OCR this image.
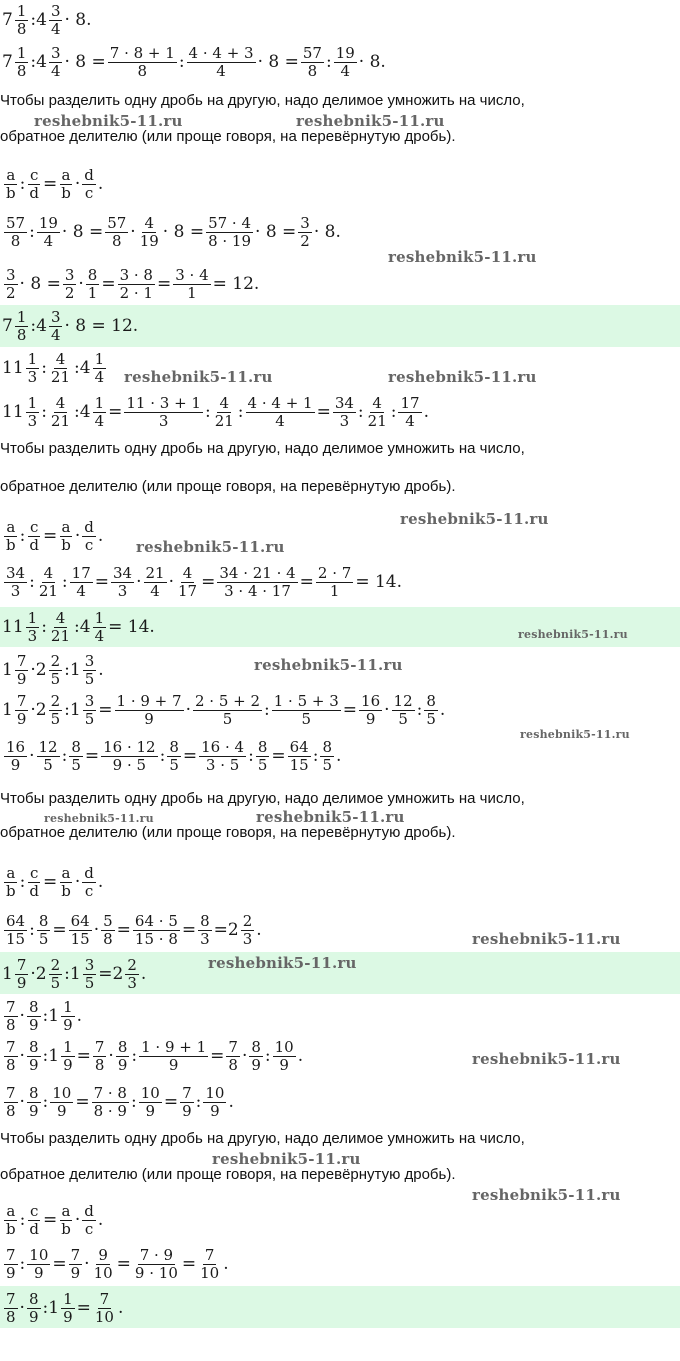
$7 \frac{1}{8}$ : $4 \frac{3}{4} \cdot 8$.
$7 \frac{1}{8}$ : $4 \frac{3}{4} \cdot 8 = \frac{7 \cdot 8 + 1}{8}$ : $\frac{4 \cdot 4 + 3}{4} \cdot 8 = \frac{57}{8}$ : $\frac{19}{4} \cdot 8$.
Чтобы разделить одну дробь на другую, надо делимое умножить на число,
обратное делителю (или проще говоря, на перевёрнутую дробь).
$\frac{a}{b}$ : $\frac{c}{d} = \frac{a}{b} \cdot \frac{d}{c}$ .
$\frac{57}{8}$ : $\frac{19}{4} \cdot 8 = \frac{57}{8} \cdot \frac{4}{19} \cdot 8 = \frac{57 \cdot 4}{8 \cdot 19} \cdot 8 = \frac{3}{2} \cdot 8$.
$\frac{3}{2} \cdot 8 = \frac{3}{2} \cdot \frac{8}{1} = \frac{3 \cdot 8}{2 \cdot 1} = \frac{3 \cdot 4}{1} = 12$.
$7 \frac{1}{8}$ : $4 \frac{3}{4} \cdot 8 = 12$.
$11 \frac{1}{3}$ : $\frac{4}{21}$ : $4 \frac{1}{4}$
$11 \frac{1}{3}$ : $\frac{4}{21}$ : $4 \frac{1}{4} = \frac{11 \cdot 3 + 1}{3}$ : $\frac{4}{21}$ : $\frac{4 \cdot 4 + 1}{4} = \frac{34}{3}$ : $\frac{4}{21}$ : $\frac{17}{4}$ .
Чтобы разделить одну дробь на другую, надо делимое умножить на число,
обратное делителю (или проще говоря, на перевёрнутую дробь).
$\frac{a}{b}$ : $\frac{c}{d} = \frac{a}{b} \cdot \frac{d}{c}$ .
$\frac{34}{3}$ : $\frac{4}{21}$ : $\frac{17}{4} = \frac{34}{3} \cdot \frac{21}{4} \cdot \frac{4}{17} = \frac{34 \cdot 21 \cdot 4}{3 \cdot 4 \cdot 17} = \frac{2 \cdot 7}{1} = 14$.
$11 \frac{1}{3}$ : $\frac{4}{21}$ : $4 \frac{1}{4} = 14$.
$1 \frac{7}{9} \cdot 2 \frac{2}{5}$ : $1 \frac{3}{5}$ .
$1 \frac{7}{9} \cdot 2 \frac{2}{5}$ : $1 \frac{3}{5} = \frac{1 \cdot 9 + 7}{9} \cdot \frac{2 \cdot 5 + 2}{5}$ : $\frac{1 \cdot 5 + 3}{5} = \frac{16}{9} \cdot \frac{12}{5}$ : $\frac{8}{5}$ .
$\frac{16}{9} \cdot \frac{12}{5}$ : $\frac{8}{5} = \frac{16 \cdot 12}{9 \cdot 5}$ : $\frac{8}{5} = \frac{16 \cdot 4}{3 \cdot 5}$ : $\frac{8}{5} = \frac{64}{15}$ : $\frac{8}{5}$ .
Чтобы разделить одну дробь на другую, надо делимое умножить на число,
обратное делителю (или проще говоря, на перевёрнутую дробь).
$\frac{a}{b}$ : $\frac{c}{d} = \frac{a}{b} \cdot \frac{d}{c}$ .
$\frac{64}{15}$ : $\frac{8}{5} = \frac{64}{15} \cdot \frac{5}{8} = \frac{64 \cdot 5}{15 \cdot 8} = \frac{8}{3} = 2 \frac{2}{3}$ .
$1 \frac{7}{9} \cdot 2 \frac{2}{5}$ : $1 \frac{3}{5} = 2 \frac{2}{3}$ .
$\frac{7}{8} \cdot \frac{8}{9}$ : $1 \frac{1}{9}$ .
$\frac{7}{8} \cdot \frac{8}{9}$ : $1 \frac{1}{9} = \frac{7}{8} \cdot \frac{8}{9}$ : $\frac{1 \cdot 9 + 1}{9} = \frac{7}{8} \cdot \frac{8}{9}$ : $\frac{10}{9}$ .
$\frac{7}{8} \cdot \frac{8}{9}$ : $\frac{10}{9} = \frac{7 \cdot 8}{8 \cdot 9}$ : $\frac{10}{9} = \frac{7}{9}$ : $\frac{10}{9}$ .
Чтобы разделить одну дробь на другую, надо делимое умножить на число,
обратное делителю (или проще говоря, на перевёрнутую дробь).
$\frac{a}{b}$ : $\frac{c}{d} = \frac{a}{b} \cdot \frac{d}{c}$ .
$\frac{7}{9}$ : $\frac{10}{9} = \frac{7}{9} \cdot \frac{9}{10} = \frac{7 \cdot 9}{9 \cdot 10} = \frac{7}{10}$ .
$\frac{7}{8} \cdot \frac{8}{9}$ : $1 \frac{1}{9} = \frac{7}{10}$ .
reshebnik5-11.ru	reshebnik5-11.ru
reshebnik5-11.ru
reshebnik5-11.ru	reshebnik5-11.ru
reshebnik5-11.ru
reshebnik5-11.ru
reshebnik5-11.ru
reshebnik5-11.ru
reshebnik5-11.ru
reshebnik5-11.ru	reshebnik5-11.ru
reshebnik5-11.ru
reshebnik5-11.ru
reshebnik5-11.ru
reshebnik5-11.ru
reshebnik5-11.ru
